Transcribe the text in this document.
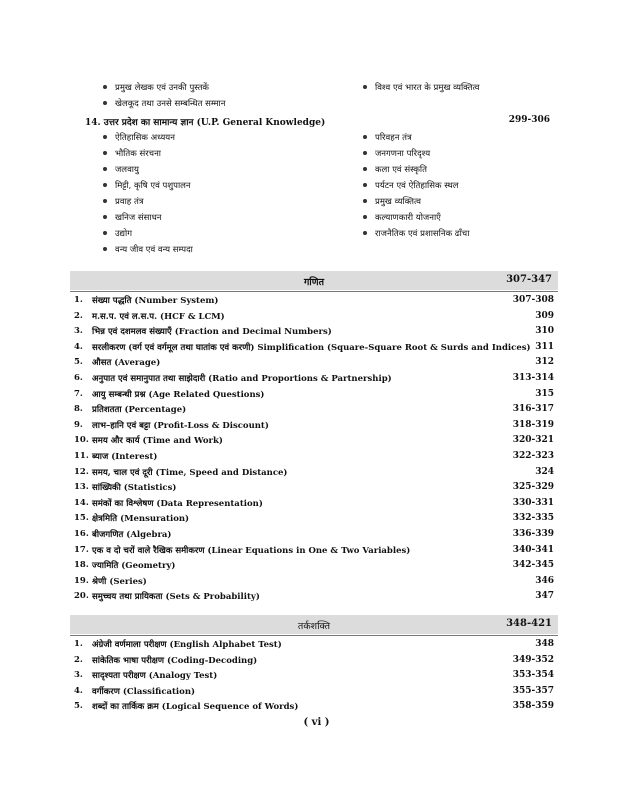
प्रमुख लेखक एवं उनकी पुस्तकें
खेलकूद तथा उनसे सम्बन्धित सम्मान
विश्व एवं भारत के प्रमुख व्यक्तित्व
14. उत्तर प्रदेश का सामान्य ज्ञान (U.P. General Knowledge)	299-306
ऐतिहासिक अध्ययन
भौतिक संरचना
जलवायु
मिट्टी, कृषि एवं पशुपालन
प्रवाह तंत्र
खनिज संसाधन
उद्योग
वन्य जीव एवं वन्य सम्पदा
परिवहन तंत्र
जनगणना परिदृश्य
कला एवं संस्कृति
पर्यटन एवं ऐतिहासिक स्थल
प्रमुख व्यक्तित्व
कल्याणकारी योजनाएँ
राजनैतिक एवं प्रशासनिक ढाँचा
गणित	307-347
1. संख्या पद्धति (Number System)	307-308
2. म.स.प. एवं ल.स.प. (HCF & LCM)	309
3. भिन्न एवं दशमलव संख्याएँ (Fraction and Decimal Numbers)	310
4. सरलीकरण (वर्ग एवं वर्गमूल तथा घातांक एवं करणी) Simplification (Square-Square Root & Surds and Indices) 311
5. औसत (Average)	312
6. अनुपात एवं समानुपात तथा साझेदारी (Ratio and Proportions & Partnership)	313-314
7. आयु सम्बन्धी प्रश्न (Age Related Questions)	315
8. प्रतिशतता (Percentage)	316-317
9. लाभ–हानि एवं बट्टा (Profit-Loss & Discount)	318-319
10. समय और कार्य (Time and Work)	320-321
11. ब्याज (Interest)	322-323
12. समय, चाल एवं दूरी (Time, Speed and Distance)	324
13. सांख्यिकी (Statistics)	325-329
14. समंकों का विश्लेषण (Data Representation)	330-331
15. क्षेत्रमिति (Mensuration)	332-335
16. बीजगणित (Algebra)	336-339
17. एक व दो चरों वाले रैखिक समीकरण (Linear Equations in One & Two Variables)	340-341
18. ज्यामिति (Geometry)	342-345
19. श्रेणी (Series)	346
20. समुच्चय तथा प्रायिकता (Sets & Probability)	347
तर्कशक्ति	348-421
1. अंग्रेजी वर्णमाला परीक्षण (English Alphabet Test)	348
2. सांकेतिक भाषा परीक्षण (Coding-Decoding)	349-352
3. सादृश्यता परीक्षण (Analogy Test)	353-354
4. वर्गीकरण (Classification)	355-357
5. शब्दों का तार्किक क्रम (Logical Sequence of Words)	358-359
( vi )
